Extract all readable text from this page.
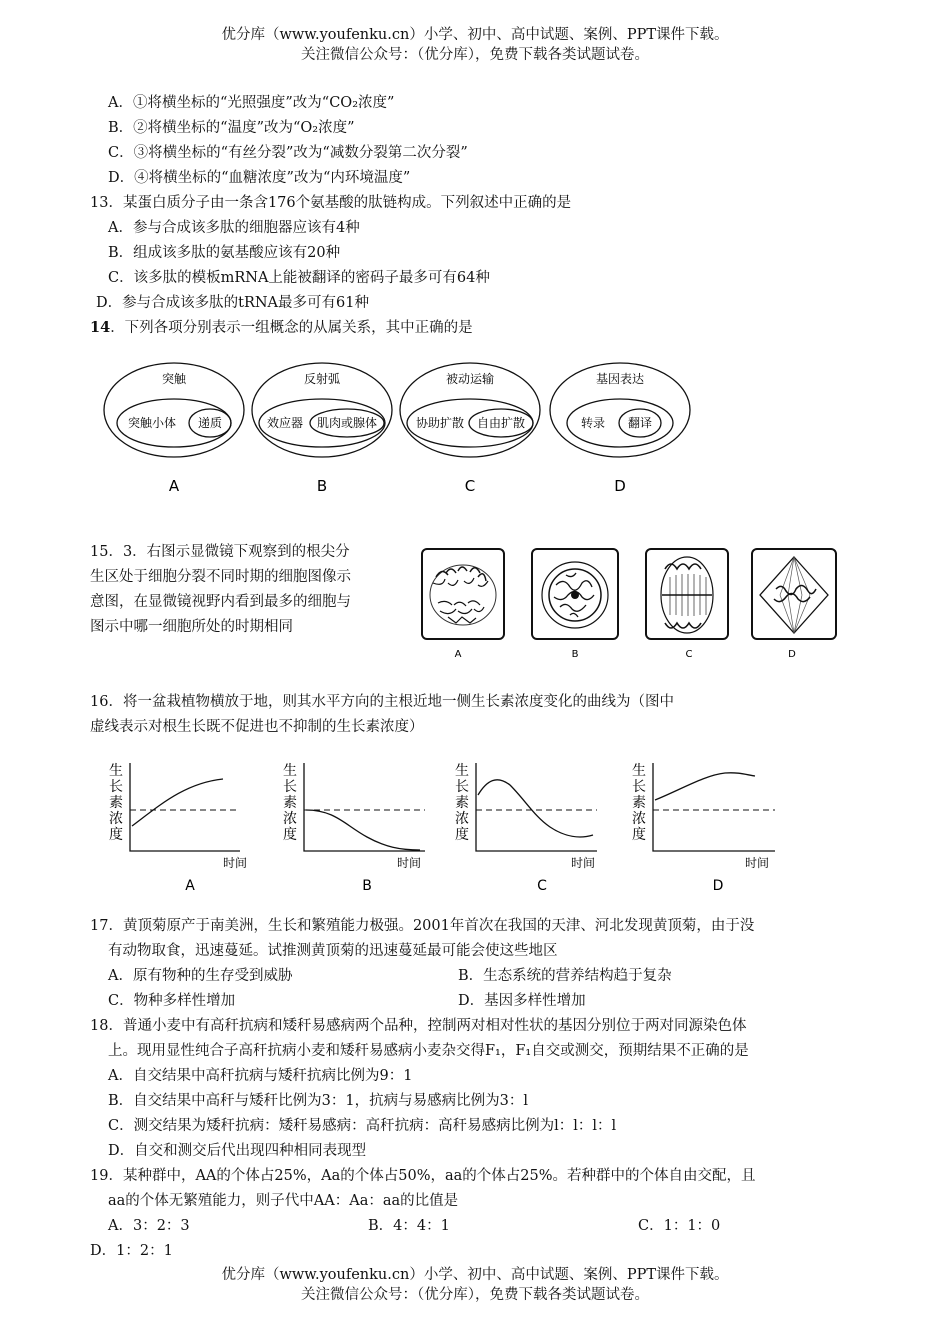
优分库（www.youfenku.cn）小学、初中、高中试题、案例、PPT课件下载。
关注微信公众号：（优分库），免费下载各类试题试卷。
A．①将横坐标的“光照强度”改为“CO₂浓度”
B．②将横坐标的“温度”改为“O₂浓度”
C．③将横坐标的“有丝分裂”改为“减数分裂第二次分裂”
D．④将横坐标的“血糖浓度”改为“内环境温度”
13．某蛋白质分子由一条含176个氨基酸的肽链构成。下列叙述中正确的是
A．参与合成该多肽的细胞器应该有4种
B．组成该多肽的氨基酸应该有20种
C．该多肽的模板mRNA上能被翻译的密码子最多可有64种
D．参与合成该多肽的tRNA最多可有61种
14．下列各项分别表示一组概念的从属关系，其中正确的是
突触
突触小体 递质
A
反射弧
效应器 肌肉或腺体
B
被动运输
协助扩散 自由扩散
C
基因表达
转录 翻译
D
15．3．右图示显微镜下观察到的根尖分
生区处于细胞分裂不同时期的细胞图像示
意图，在显微镜视野内看到最多的细胞与
图示中哪一细胞所处的时期相同
A	B	C	D
16．将一盆栽植物横放于地，则其水平方向的主根近地一侧生长素浓度变化的曲线为（图中
虚线表示对根生长既不促进也不抑制的生长素浓度）
生
长
素
浓
度
时间
A
生
长
素
浓
度
时间
B
生
长
素
浓
度
时间
C
生
长
素
浓
度
时间
D
17．黄顶菊原产于南美洲，生长和繁殖能力极强。2001年首次在我国的天津、河北发现黄顶菊，由于没
有动物取食，迅速蔓延。试推测黄顶菊的迅速蔓延最可能会使这些地区
A．原有物种的生存受到威胁	B．生态系统的营养结构趋于复杂
C．物种多样性增加	D．基因多样性增加
18．普通小麦中有高秆抗病和矮秆易感病两个品种，控制两对相对性状的基因分别位于两对同源染色体
上。现用显性纯合子高秆抗病小麦和矮秆易感病小麦杂交得F₁，F₁自交或测交，预期结果不正确的是
A．自交结果中高秆抗病与矮秆抗病比例为9：1
B．自交结果中高秆与矮秆比例为3：1，抗病与易感病比例为3：l
C．测交结果为矮秆抗病：矮秆易感病：高秆抗病：高秆易感病比例为l：l：l：l
D．自交和测交后代出现四种相同表现型
19．某种群中，AA的个体占25%，Aa的个体占50%，aa的个体占25%。若种群中的个体自由交配，且
aa的个体无繁殖能力，则子代中AA：Aa：aa的比值是
A．3：2：3	B．4：4：1	C．1：1：0
D．1：2：1
优分库（www.youfenku.cn）小学、初中、高中试题、案例、PPT课件下载。
关注微信公众号：（优分库），免费下载各类试题试卷。
